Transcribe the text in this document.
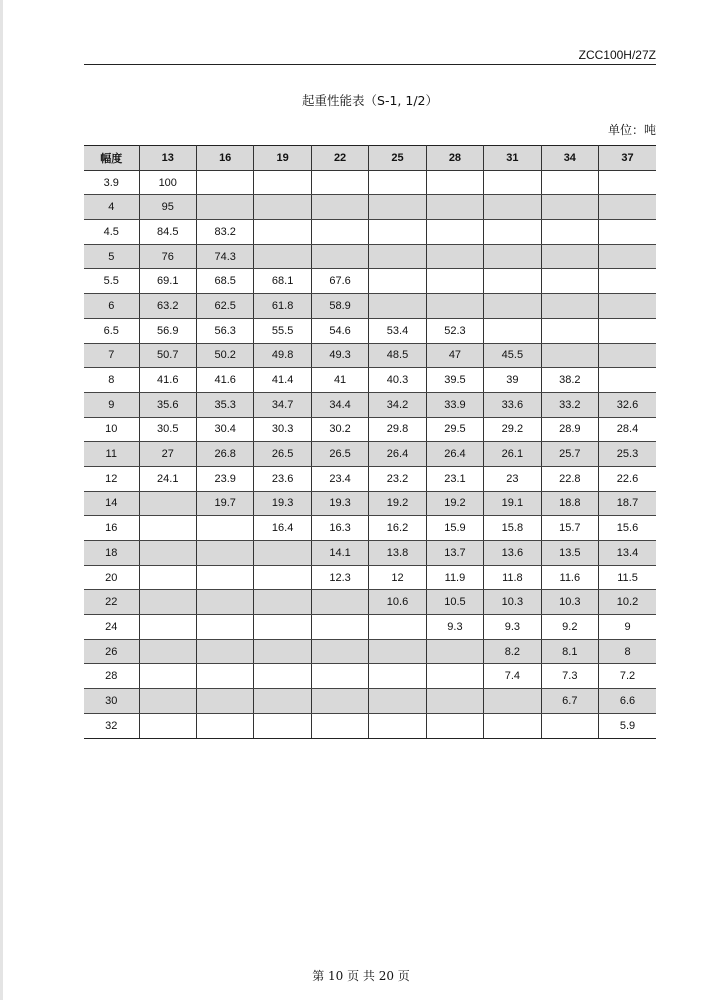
ZCC100H/27Z
起重性能表（S-1, 1/2）
单位：吨
幅度	13	16	19	22	25	28	31	34	37
3.9	100								
4	95								
4.5	84.5	83.2							
5	76	74.3							
5.5	69.1	68.5	68.1	67.6					
6	63.2	62.5	61.8	58.9					
6.5	56.9	56.3	55.5	54.6	53.4	52.3			
7	50.7	50.2	49.8	49.3	48.5	47	45.5		
8	41.6	41.6	41.4	41	40.3	39.5	39	38.2	
9	35.6	35.3	34.7	34.4	34.2	33.9	33.6	33.2	32.6
10	30.5	30.4	30.3	30.2	29.8	29.5	29.2	28.9	28.4
11	27	26.8	26.5	26.5	26.4	26.4	26.1	25.7	25.3
12	24.1	23.9	23.6	23.4	23.2	23.1	23	22.8	22.6
14		19.7	19.3	19.3	19.2	19.2	19.1	18.8	18.7
16			16.4	16.3	16.2	15.9	15.8	15.7	15.6
18				14.1	13.8	13.7	13.6	13.5	13.4
20				12.3	12	11.9	11.8	11.6	11.5
22					10.6	10.5	10.3	10.3	10.2
24						9.3	9.3	9.2	9
26							8.2	8.1	8
28							7.4	7.3	7.2
30								6.7	6.6
32									5.9
第 10 页 共 20 页
